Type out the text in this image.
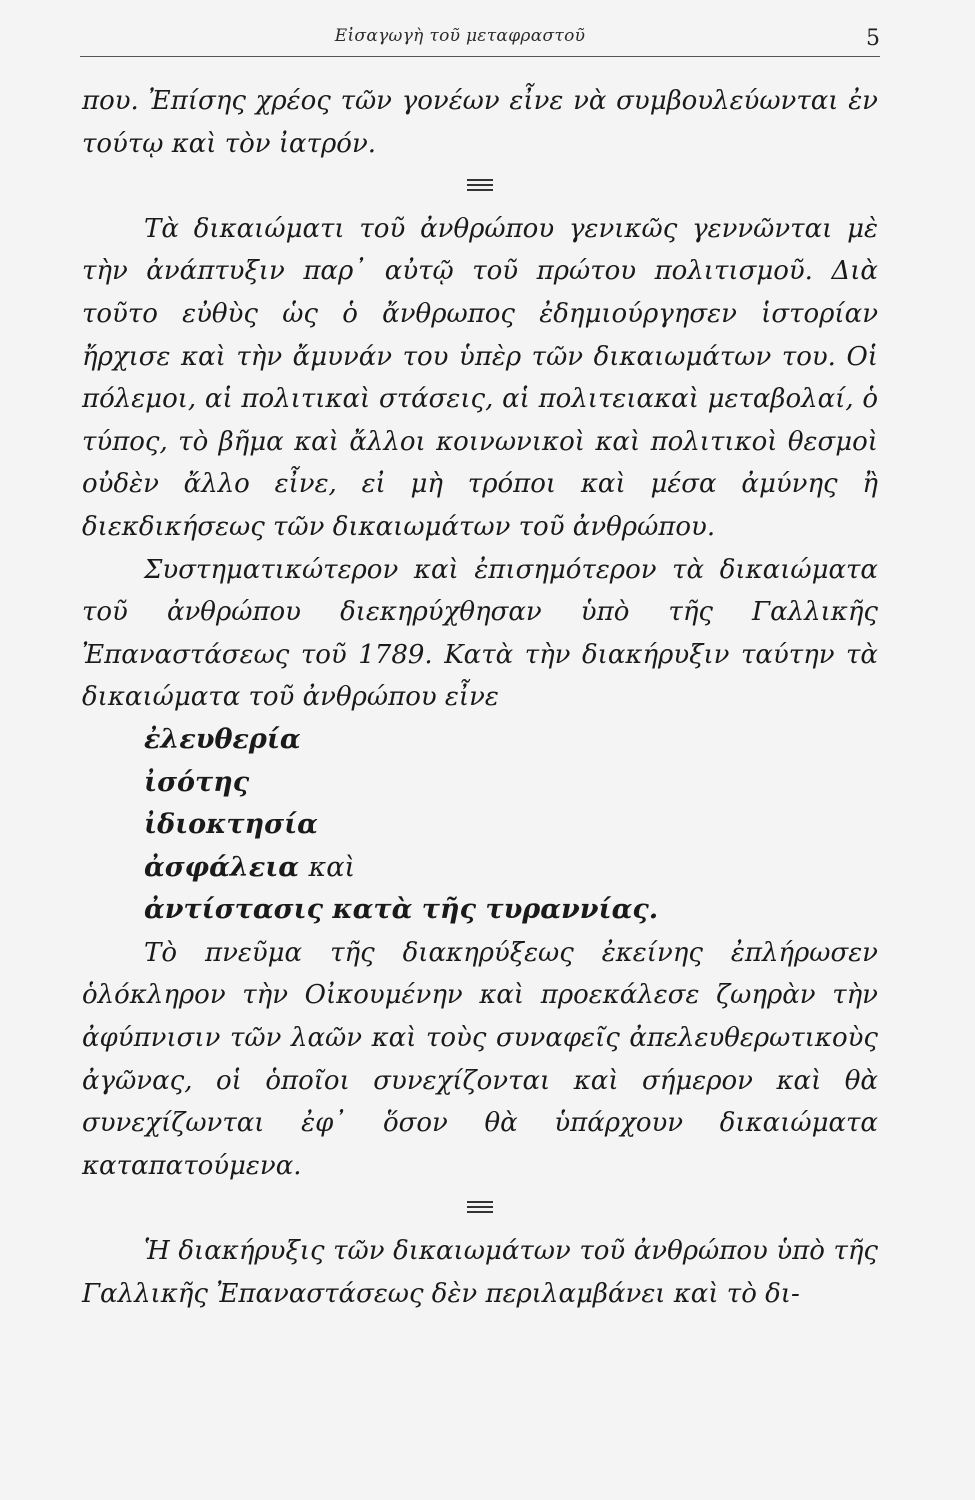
Εἰσαγωγὴ τοῦ μεταφραστοῦ	5

που. Ἐπίσης χρέος τῶν γονέων εἶνε νὰ συμβουλεύωνται ἐν τούτῳ καὶ τὸν ἰατρόν.

Τὰ δικαιώματι τοῦ ἀνθρώπου γενικῶς γεννῶνται μὲ τὴν ἀνάπτυξιν παρ᾽ αὐτῷ τοῦ πρώτου πολιτισμοῦ. Διὰ τοῦτο εὐθὺς ὡς ὁ ἄνθρωπος ἐδημιούργησεν ἱστορίαν ἤρχισε καὶ τὴν ἄμυνάν του ὑπὲρ τῶν δικαιωμάτων του. Οἱ πόλεμοι, αἱ πολιτικαὶ στάσεις, αἱ πολιτειακαὶ μεταβολαί, ὁ τύπος, τὸ βῆμα καὶ ἄλλοι κοινωνικοὶ καὶ πολιτικοὶ θεσμοὶ οὐδὲν ἄλλο εἶνε, εἰ μὴ τρόποι καὶ μέσα ἀμύνης ἢ διεκδικήσεως τῶν δικαιωμάτων τοῦ ἀνθρώπου.

Συστηματικώτερον καὶ ἐπισημότερον τὰ δικαιώματα τοῦ ἀνθρώπου διεκηρύχθησαν ὑπὸ τῆς Γαλλικῆς Ἐπαναστάσεως τοῦ 1789. Κατὰ τὴν διακήρυξιν ταύτην τὰ δικαιώματα τοῦ ἀνθρώπου εἶνε

ἐλευθερία
ἰσότης
ἰδιοκτησία
ἀσφάλεια καὶ
ἀντίστασις κατὰ τῆς τυραννίας.

Τὸ πνεῦμα τῆς διακηρύξεως ἐκείνης ἐπλήρωσεν ὁλόκληρον τὴν Οἰκουμένην καὶ προεκάλεσε ζωηρὰν τὴν ἀφύπνισιν τῶν λαῶν καὶ τοὺς συναφεῖς ἀπελευθερωτικοὺς ἀγῶνας, οἱ ὁποῖοι συνεχίζονται καὶ σήμερον καὶ θὰ συνεχίζωνται ἐφ᾽ ὅσον θὰ ὑπάρχουν δικαιώματα καταπατούμενα.

Ἡ διακήρυξις τῶν δικαιωμάτων τοῦ ἀνθρώπου ὑπὸ τῆς Γαλλικῆς Ἐπαναστάσεως δὲν περιλαμβάνει καὶ τὸ δι-
